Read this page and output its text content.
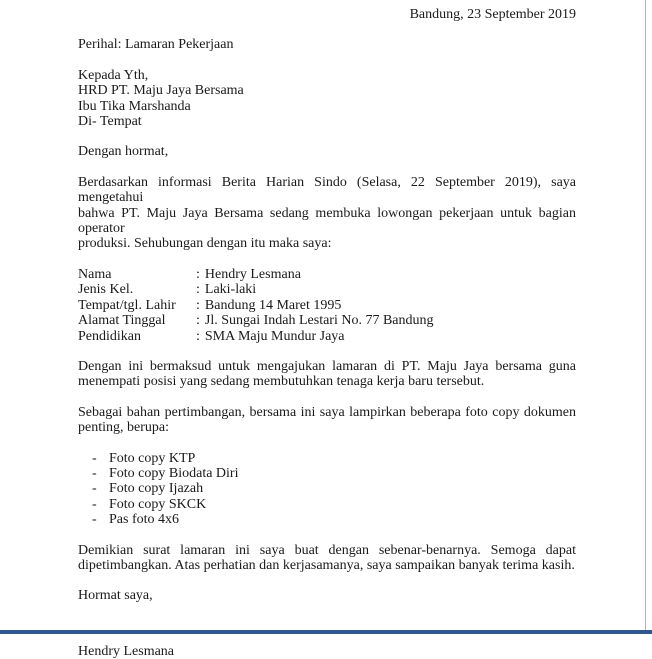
Bandung, 23 September 2019
Perihal: Lamaran Pekerjaan
Kepada Yth,
HRD PT. Maju Jaya Bersama
Ibu Tika Marshanda
Di- Tempat
Dengan hormat,
Berdasarkan informasi Berita Harian Sindo (Selasa, 22 September 2019), saya mengetahui
bahwa PT. Maju Jaya Bersama sedang membuka lowongan pekerjaan untuk bagian operator
produksi. Sehubungan dengan itu maka saya:
Nama	: Hendry Lesmana
Jenis Kel.	: Laki-laki
Tempat/tgl. Lahir	: Bandung 14 Maret 1995
Alamat Tinggal	: Jl. Sungai Indah Lestari No. 77 Bandung
Pendidikan	: SMA Maju Mundur Jaya
Dengan ini bermaksud untuk mengajukan lamaran di PT. Maju Jaya bersama guna
menempati posisi yang sedang membutuhkan tenaga kerja baru tersebut.
Sebagai bahan pertimbangan, bersama ini saya lampirkan beberapa foto copy dokumen
penting, berupa:
- Foto copy KTP
- Foto copy Biodata Diri
- Foto copy Ijazah
- Foto copy SKCK
- Pas foto 4x6
Demikian surat lamaran ini saya buat dengan sebenar-benarnya. Semoga dapat
dipetimbangkan. Atas perhatian dan kerjasamanya, saya sampaikan banyak terima kasih.
Hormat saya,
Hendry Lesmana
